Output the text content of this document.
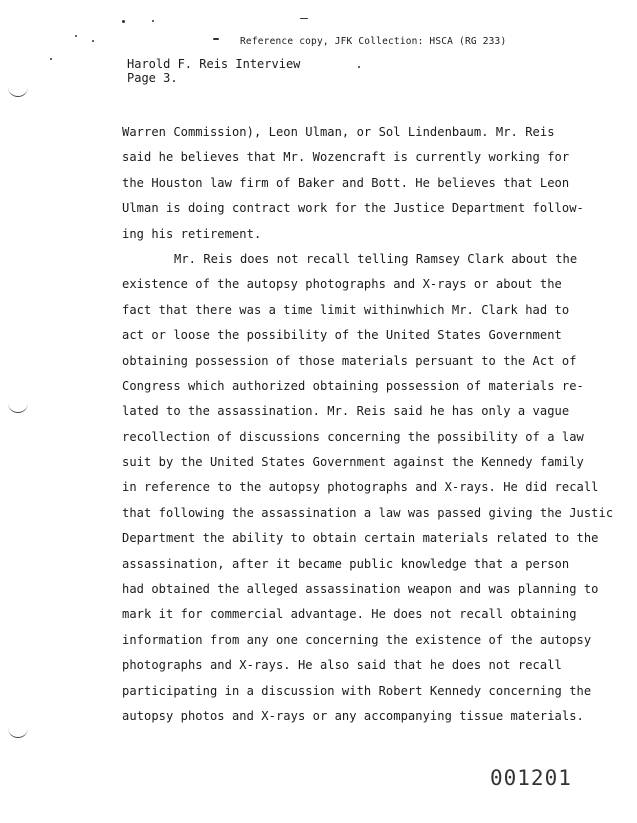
Reference copy, JFK Collection: HSCA (RG 233)
Harold F. Reis Interview
Page 3.
Warren Commission), Leon Ulman, or Sol Lindenbaum. Mr. Reis
said he believes that Mr. Wozencraft is currently working for
the Houston law firm of Baker and Bott. He believes that Leon
Ulman is doing contract work for the Justice Department follow-
ing his retirement.
Mr. Reis does not recall telling Ramsey Clark about the
existence of the autopsy photographs and X-rays or about the
fact that there was a time limit withinwhich Mr. Clark had to
act or loose the possibility of the United States Government
obtaining possession of those materials persuant to the Act of
Congress which authorized obtaining possession of materials re-
lated to the assassination. Mr. Reis said he has only a vague
recollection of discussions concerning the possibility of a law
suit by the United States Government against the Kennedy family
in reference to the autopsy photographs and X-rays. He did recall
that following the assassination a law was passed giving the Justic
Department the ability to obtain certain materials related to the
assassination, after it became public knowledge that a person
had obtained the alleged assassination weapon and was planning to
mark it for commercial advantage. He does not recall obtaining
information from any one concerning the existence of the autopsy
photographs and X-rays. He also said that he does not recall
participating in a discussion with Robert Kennedy concerning the
autopsy photos and X-rays or any accompanying tissue materials.
001201
